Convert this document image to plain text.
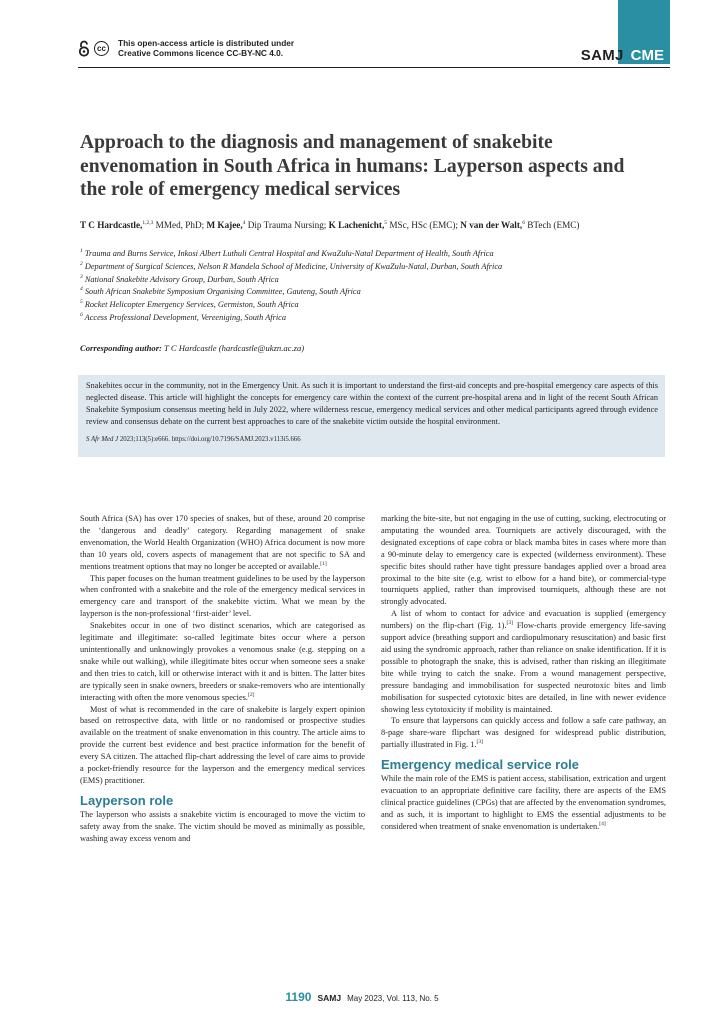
cc	This open-access article is distributed under
Creative Commons licence CC-BY-NC 4.0.	SAMJ CME
Approach to the diagnosis and management of snakebite envenomation in South Africa in humans: Layperson aspects and the role of emergency medical services
T C Hardcastle,$^{1,2,3}$ MMed, PhD; M Kajee,$^4$ Dip Trauma Nursing; K Lachenicht,$^5$ MSc, HSc (EMC); N van der Walt,$^6$ BTech (EMC)
$^1$ Trauma and Burns Service, Inkosi Albert Luthuli Central Hospital and KwaZulu-Natal Department of Health, South Africa
$^2$ Department of Surgical Sciences, Nelson R Mandela School of Medicine, University of KwaZulu-Natal, Durban, South Africa
$^3$ National Snakebite Advisory Group, Durban, South Africa
$^4$ South African Snakebite Symposium Organising Committee, Gauteng, South Africa
$^5$ Rocket Helicopter Emergency Services, Germiston, South Africa
$^6$ Access Professional Development, Vereeniging, South Africa
Corresponding author: T C Hardcastle (hardcastle@ukzn.ac.za)

Snakebites occur in the community, not in the Emergency Unit. As such it is important to understand the first-aid concepts and pre-hospital emergency care aspects of this neglected disease. This article will highlight the concepts for emergency care within the context of the current pre-hospital arena and in light of the recent South African Snakebite Symposium consensus meeting held in July 2022, where wilderness rescue, emergency medical services and other medical participants agreed through evidence review and consensus debate on the current best approaches to care of the snakebite victim outside the hospital environment.

S Afr Med J 2023;113(5):e666. https://doi.org/10.7196/SAMJ.2023.v113i5.666

South Africa (SA) has over 170 species of snakes, but of these, around 20 comprise the ‘dangerous and deadly’ category. Regarding management of snake envenomation, the World Health Organization (WHO) Africa document is now more than 10 years old, covers aspects of management that are not specific to SA and mentions treatment options that may no longer be accepted or available.[1]

This paper focuses on the human treatment guidelines to be used by the layperson when confronted with a snakebite and the role of the emergency medical services in emergency care and transport of the snakebite victim. What we mean by the layperson is the non-professional ‘first-aider’ level.

Snakebites occur in one of two distinct scenarios, which are categorised as legitimate and illegitimate: so-called legitimate bites occur where a person unintentionally and unknowingly provokes a venomous snake (e.g. stepping on a snake while out walking), while illegitimate bites occur when someone sees a snake and then tries to catch, kill or otherwise interact with it and is bitten. The latter bites are typically seen in snake owners, breeders or snake-removers who are intentionally interacting with often the more venomous species.[2]

Most of what is recommended in the care of snakebite is largely expert opinion based on retrospective data, with little or no randomised or prospective studies available on the treatment of snake envenomation in this country. The article aims to provide the current best evidence and best practice information for the benefit of every SA citizen. The attached flip-chart addressing the level of care aims to provide a pocket-friendly resource for the layperson and the emergency medical services (EMS) practitioner.

Layperson role

The layperson who assists a snakebite victim is encouraged to move the victim to safety away from the snake. The victim should be moved as minimally as possible, washing away excess venom and

marking the bite-site, but not engaging in the use of cutting, sucking, electrocuting or amputating the wounded area. Tourniquets are actively discouraged, with the designated exceptions of cape cobra or black mamba bites in cases where more than a 90-minute delay to emergency care is expected (wilderness environment). These specific bites should rather have tight pressure bandages applied over a broad area proximal to the bite site (e.g. wrist to elbow for a hand bite), or commercial-type tourniquets applied, rather than improvised tourniquets, although these are not strongly advocated.

A list of whom to contact for advice and evacuation is supplied (emergency numbers) on the flip-chart (Fig. 1).[3] Flow-charts provide emergency life-saving support advice (breathing support and cardiopulmonary resuscitation) and basic first aid using the syndromic approach, rather than reliance on snake identification. If it is possible to photograph the snake, this is advised, rather than risking an illegitimate bite while trying to catch the snake. From a wound management perspective, pressure bandaging and immobilisation for suspected neurotoxic bites and limb mobilisation for suspected cytotoxic bites are detailed, in line with newer evidence showing less cytotoxicity if mobility is maintained.

To ensure that laypersons can quickly access and follow a safe care pathway, an 8-page share-ware flipchart was designed for widespread public distribution, partially illustrated in Fig. 1.[3]

Emergency medical service role

While the main role of the EMS is patient access, stabilisation, extrication and urgent evacuation to an appropriate definitive care facility, there are aspects of the EMS clinical practice guidelines (CPGs) that are affected by the envenomation syndromes, and as such, it is important to highlight to EMS the essential adjustments to be considered when treatment of snake envenomation is undertaken.[4]

1190 SAMJ May 2023, Vol. 113, No. 5
